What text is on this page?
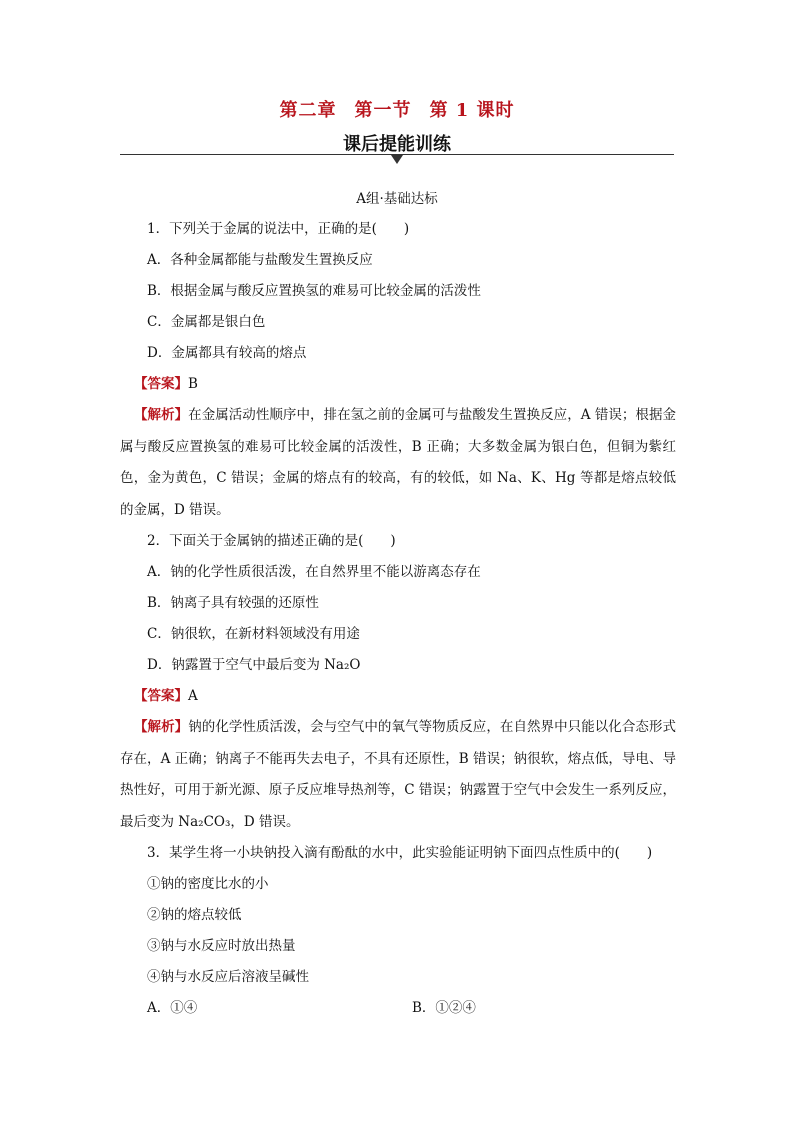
第二章 第一节 第 1 课时
课后提能训练
A组·基础达标
1．下列关于金属的说法中，正确的是(　　)
A．各种金属都能与盐酸发生置换反应
B．根据金属与酸反应置换氢的难易可比较金属的活泼性
C．金属都是银白色
D．金属都具有较高的熔点
【答案】B
【解析】在金属活动性顺序中，排在氢之前的金属可与盐酸发生置换反应，A 错误；根据金属与酸反应置换氢的难易可比较金属的活泼性，B 正确；大多数金属为银白色，但铜为紫红色，金为黄色，C 错误；金属的熔点有的较高，有的较低，如 Na、K、Hg 等都是熔点较低的金属，D 错误。
2．下面关于金属钠的描述正确的是(　　)
A．钠的化学性质很活泼，在自然界里不能以游离态存在
B．钠离子具有较强的还原性
C．钠很软，在新材料领域没有用途
D．钠露置于空气中最后变为 Na₂O
【答案】A
【解析】钠的化学性质活泼，会与空气中的氧气等物质反应，在自然界中只能以化合态形式存在，A 正确；钠离子不能再失去电子，不具有还原性，B 错误；钠很软，熔点低，导电、导热性好，可用于新光源、原子反应堆导热剂等，C 错误；钠露置于空气中会发生一系列反应，最后变为 Na₂CO₃，D 错误。
3．某学生将一小块钠投入滴有酚酞的水中，此实验能证明钠下面四点性质中的(　　)
①钠的密度比水的小
②钠的熔点较低
③钠与水反应时放出热量
④钠与水反应后溶液呈碱性
A．①④	B．①②④
